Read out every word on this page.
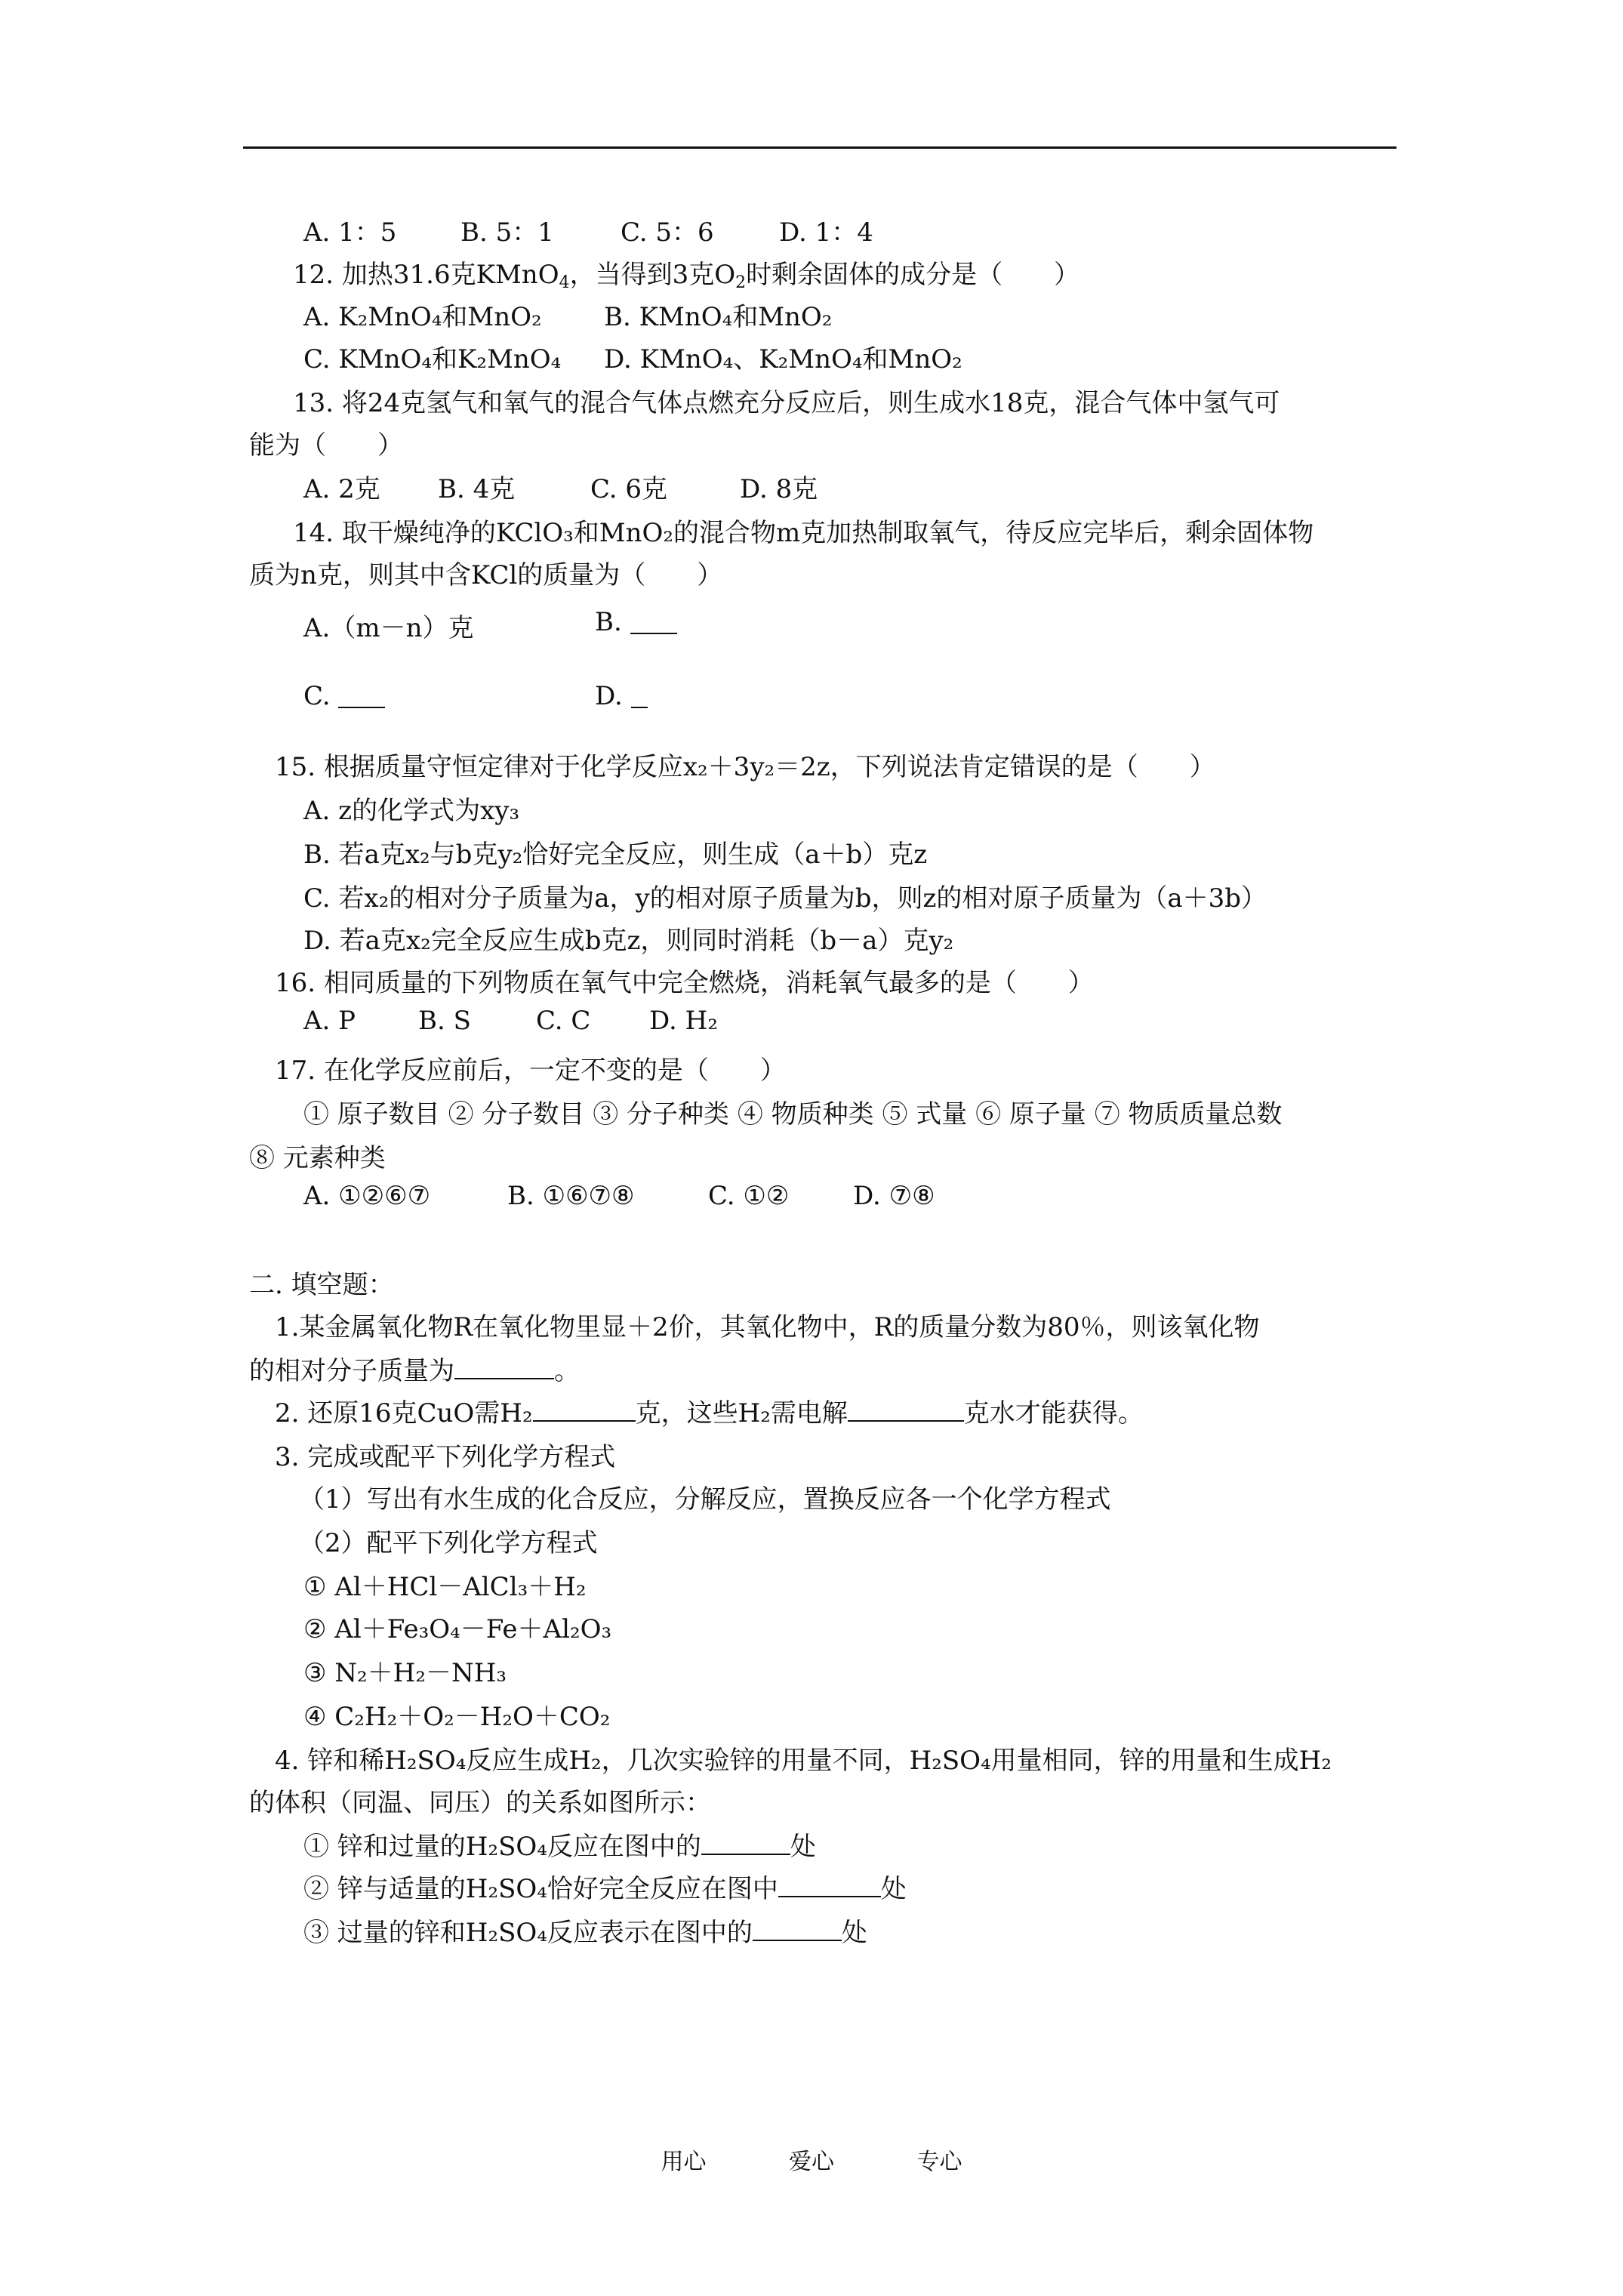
A. 1：5 B. 5：1	C. 5：6	D. 1：4
12. 加热31.6克KMnO$_4$，当得到3克$O_2$时剩余固体的成分是（　　）
A. K₂MnO₄和MnO₂ B. KMnO₄和MnO₂
C. KMnO₄和K₂MnO₄ D. KMnO₄、K₂MnO₄和MnO₂
13. 将24克氢气和氧气的混合气体点燃充分反应后，则生成水18克，混合气体中氢气可
能为（　　）
A. 2克 B. 4克	C. 6克	D. 8克
14. 取干燥纯净的KClO₃和MnO₂的混合物m克加热制取氧气，待反应完毕后，剩余固体物
质为n克，则其中含KCl的质量为（　　）
A.（m－n）克	B.
C.	D.
15. 根据质量守恒定律对于化学反应x₂＋3y₂＝2z，下列说法肯定错误的是（　　）
A. z的化学式为xy₃
B. 若a克x₂与b克y₂恰好完全反应，则生成（a＋b）克z
C. 若x₂的相对分子质量为a，y的相对原子质量为b，则z的相对原子质量为（a＋3b）
D. 若a克x₂完全反应生成b克z，则同时消耗（b－a）克y₂
16. 相同质量的下列物质在氧气中完全燃烧，消耗氧气最多的是（　　）
A. P B. S	C. C D. H₂
17. 在化学反应前后，一定不变的是（　　）
① 原子数目 ② 分子数目 ③ 分子种类 ④ 物质种类 ⑤ 式量 ⑥ 原子量 ⑦ 物质质量总数
⑧ 元素种类
A. ①②⑥⑦	B. ①⑥⑦⑧	C. ①② D. ⑦⑧
二. 填空题：
1.某金属氧化物R在氧化物里显＋2价，其氧化物中，R的质量分数为80％，则该氧化物
的相对分子质量为	。
2. 还原16克CuO需H₂	克，这些H₂需电解	克水才能获得。
3. 完成或配平下列化学方程式
（1）写出有水生成的化合反应，分解反应，置换反应各一个化学方程式
（2）配平下列化学方程式
① Al＋HCl－AlCl₃＋H₂
② Al＋Fe₃O₄－Fe＋Al₂O₃
③ N₂＋H₂－NH₃
④ C₂H₂＋O₂－H₂O＋CO₂
4. 锌和稀H₂SO₄反应生成H₂，几次实验锌的用量不同，H₂SO₄用量相同，锌的用量和生成H₂
的体积（同温、同压）的关系如图所示：
① 锌和过量的H₂SO₄反应在图中的	处
② 锌与适量的H₂SO₄恰好完全反应在图中	处
③ 过量的锌和H₂SO₄反应表示在图中的	处
用心	爱心	专心
